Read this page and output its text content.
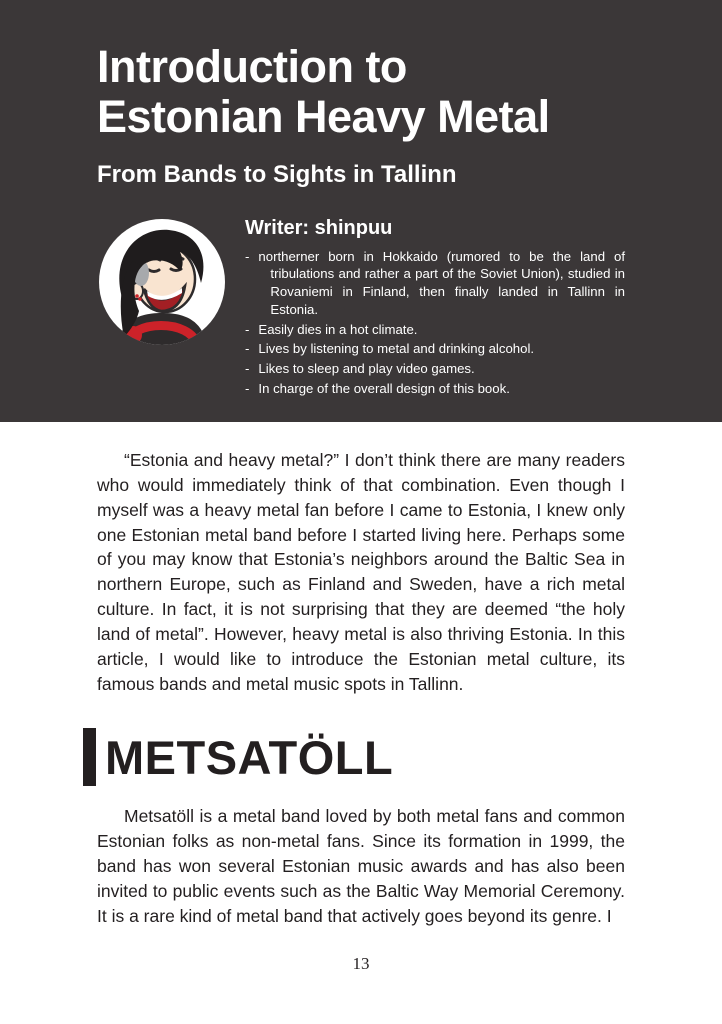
Introduction to
Estonian Heavy Metal
From Bands to Sights in Tallinn

Writer: shinpuu

- northerner born in Hokkaido (rumored to be the land of tribulations and rather a part of the Soviet Union), studied in Rovaniemi in Finland, then finally landed in Tallinn in Estonia.
- Easily dies in a hot climate.
- Lives by listening to metal and drinking alcohol.
- Likes to sleep and play video games.
- In charge of the overall design of this book.

“Estonia and heavy metal?” I don’t think there are many readers who would immediately think of that combination. Even though I myself was a heavy metal fan before I came to Estonia, I knew only one Estonian metal band before I started living here. Perhaps some of you may know that Estonia’s neighbors around the Baltic Sea in northern Europe, such as Finland and Sweden, have a rich metal culture. In fact, it is not surprising that they are deemed “the holy land of metal”. However, heavy metal is also thriving Estonia. In this article, I would like to introduce the Estonian metal culture, its famous bands and metal music spots in Tallinn.

METSATÖLL

Metsatöll is a metal band loved by both metal fans and common Estonian folks as non-metal fans. Since its formation in 1999, the band has won several Estonian music awards and has also been invited to public events such as the Baltic Way Memorial Ceremony. It is a rare kind of metal band that actively goes beyond its genre. I

13
